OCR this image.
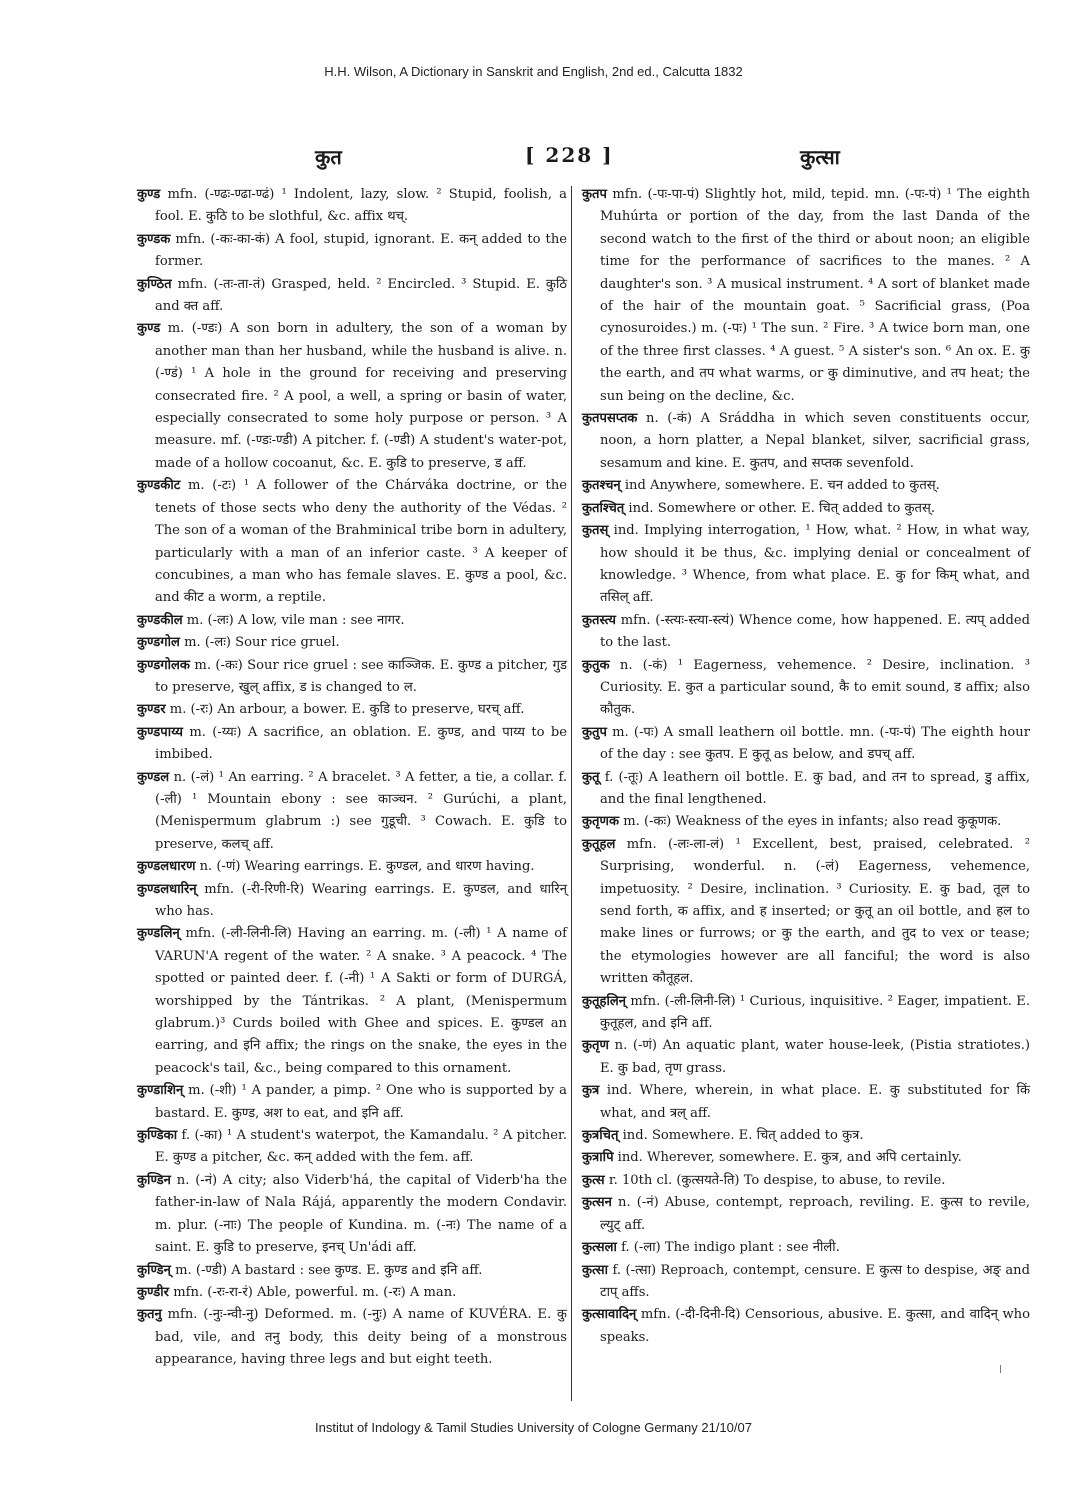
H.H. Wilson, A Dictionary in Sanskrit and English, 2nd ed., Calcutta 1832
कुत	[ 228 ]	कुत्सा

कुण्ड mfn. (-ण्ढः-ण्ढा-ण्ढं) ¹ Indolent, lazy, slow. ² Stupid, foolish, a fool. E. कुठि to be slothful, &c. affix थच्.

कुण्डक mfn. (-कः-का-कं) A fool, stupid, ignorant. E. कन् added to the former.

कुण्ठित mfn. (-तः-ता-तं) Grasped, held. ² Encircled. ³ Stupid. E. कुठि and क्त aff.

कुण्ड m. (-ण्डः) A son born in adultery, the son of a woman by another man than her husband, while the husband is alive. n. (-ण्डं) ¹ A hole in the ground for receiving and preserving consecrated fire. ² A pool, a well, a spring or basin of water, especially consecrated to some holy purpose or person. ³ A measure. mf. (-ण्डः-ण्डी) A pitcher. f. (-ण्डी) A student's water-pot, made of a hollow cocoanut, &c. E. कुडि to preserve, ड aff.

कुण्डकीट m. (-टः) ¹ A follower of the Chárváka doctrine, or the tenets of those sects who deny the authority of the Védas. ² The son of a woman of the Brahminical tribe born in adultery, particularly with a man of an inferior caste. ³ A keeper of concubines, a man who has female slaves. E. कुण्ड a pool, &c. and कीट a worm, a reptile.

कुण्डकील m. (-लः) A low, vile man : see नागर.

कुण्डगोल m. (-लः) Sour rice gruel.

कुण्डगोलक m. (-कः) Sour rice gruel : see काञ्जिक. E. कुण्ड a pitcher, गुड to preserve, खुल् affix, ड is changed to ल.

कुण्डर m. (-रः) An arbour, a bower. E. कुडि to preserve, घरच् aff.

कुण्डपाय्य m. (-य्यः) A sacrifice, an oblation. E. कुण्ड, and पाय्य to be imbibed.

कुण्डल n. (-लं) ¹ An earring. ² A bracelet. ³ A fetter, a tie, a collar. f. (-ली) ¹ Mountain ebony : see काञ्चन. ² Gurúchi, a plant, (Menispermum glabrum :) see गुडूची. ³ Cowach. E. कुडि to preserve, कलच् aff.

कुण्डलधारण n. (-णं) Wearing earrings. E. कुण्डल, and धारण having.

कुण्डलधारिन् mfn. (-री-रिणी-रि) Wearing earrings. E. कुण्डल, and धारिन् who has.

कुण्डलिन् mfn. (-ली-लिनी-लि) Having an earring. m. (-ली) ¹ A name of VARUN'A regent of the water. ² A snake. ³ A peacock. ⁴ The spotted or painted deer. f. (-नी) ¹ A Sakti or form of DURGÁ, worshipped by the Tántrikas. ² A plant, (Menispermum glabrum.)³ Curds boiled with Ghee and spices. E. कुण्डल an earring, and इनि affix; the rings on the snake, the eyes in the peacock's tail, &c., being compared to this ornament.

कुण्डाशिन् m. (-शी) ¹ A pander, a pimp. ² One who is supported by a bastard. E. कुण्ड, अश to eat, and इनि aff.

कुण्डिका f. (-का) ¹ A student's waterpot, the Kamandalu. ² A pitcher. E. कुण्ड a pitcher, &c. कन् added with the fem. aff.

कुण्डिन n. (-नं) A city; also Viderb'há, the capital of Viderb'ha the father-in-law of Nala Rájá, apparently the modern Condavir. m. plur. (-नाः) The people of Kundina. m. (-नः) The name of a saint. E. कुडि to preserve, इनच् Un'ádi aff.

कुण्डिन् m. (-ण्डी) A bastard : see कुण्ड. E. कुण्ड and इनि aff.

कुण्डीर mfn. (-रः-रा-रं) Able, powerful. m. (-रः) A man.

कुतनु mfn. (-नुः-न्वी-नु) Deformed. m. (-नुः) A name of KUVÉRA. E. कु bad, vile, and तनु body, this deity being of a monstrous appearance, having three legs and but eight teeth.

कुतप mfn. (-पः-पा-पं) Slightly hot, mild, tepid. mn. (-पः-पं) ¹ The eighth Muhúrta or portion of the day, from the last Danda of the second watch to the first of the third or about noon; an eligible time for the performance of sacrifices to the manes. ² A daughter's son. ³ A musical instrument. ⁴ A sort of blanket made of the hair of the mountain goat. ⁵ Sacrificial grass, (Poa cynosuroides.) m. (-पः) ¹ The sun. ² Fire. ³ A twice born man, one of the three first classes. ⁴ A guest. ⁵ A sister's son. ⁶ An ox. E. कु the earth, and तप what warms, or कु diminutive, and तप heat; the sun being on the decline, &c.

कुतपसप्तक n. (-कं) A Sráddha in which seven constituents occur, noon, a horn platter, a Nepal blanket, silver, sacrificial grass, sesamum and kine. E. कुतप, and सप्तक sevenfold.

कुतश्चन् ind Anywhere, somewhere. E. चन added to कुतस्.

कुतश्चित् ind. Somewhere or other. E. चित् added to कुतस्.

कुतस् ind. Implying interrogation, ¹ How, what. ² How, in what way, how should it be thus, &c. implying denial or concealment of knowledge. ³ Whence, from what place. E. कु for किम् what, and तसिल् aff.

कुतस्त्य mfn. (-स्त्यः-स्त्या-स्त्यं) Whence come, how happened. E. त्यप् added to the last.

कुतुक n. (-कं) ¹ Eagerness, vehemence. ² Desire, inclination. ³ Curiosity. E. कुत a particular sound, कै to emit sound, ड affix; also कौतुक.

कुतुप m. (-पः) A small leathern oil bottle. mn. (-पः-पं) The eighth hour of the day : see कुतप. E कुतू as below, and डपच् aff.

कुतू f. (-तूः) A leathern oil bottle. E. कु bad, and तन to spread, डु affix, and the final lengthened.

कुतृणक m. (-कः) Weakness of the eyes in infants; also read कुकूणक.

कुतूहल mfn. (-लः-ला-लं) ¹ Excellent, best, praised, celebrated. ² Surprising, wonderful. n. (-लं) Eagerness, vehemence, impetuosity. ² Desire, inclination. ³ Curiosity. E. कु bad, तूल to send forth, क affix, and ह inserted; or कुतू an oil bottle, and हल to make lines or furrows; or कु the earth, and तुद to vex or tease; the etymologies however are all fanciful; the word is also written कौतूहल.

कुतूहलिन् mfn. (-ली-लिनी-लि) ¹ Curious, inquisitive. ² Eager, impatient. E. कुतूहल, and इनि aff.

कुतृण n. (-णं) An aquatic plant, water house-leek, (Pistia stratiotes.) E. कु bad, तृण grass.

कुत्र ind. Where, wherein, in what place. E. कु substituted for किं what, and त्रल् aff.

कुत्रचित् ind. Somewhere. E. चित् added to कुत्र.

कुत्रापि ind. Wherever, somewhere. E. कुत्र, and अपि certainly.

कुत्स r. 10th cl. (कुत्सयते-ति) To despise, to abuse, to revile.

कुत्सन n. (-नं) Abuse, contempt, reproach, reviling. E. कुत्स to revile, ल्युट् aff.

कुत्सला f. (-ला) The indigo plant : see नीली.

कुत्सा f. (-त्सा) Reproach, contempt, censure. E कुत्स to despise, अङ् and टाप् affs.

कुत्सावादिन् mfn. (-दी-दिनी-दि) Censorious, abusive. E. कुत्सा, and वादिन् who speaks.

Institut of Indology & Tamil Studies University of Cologne Germany 21/10/07
